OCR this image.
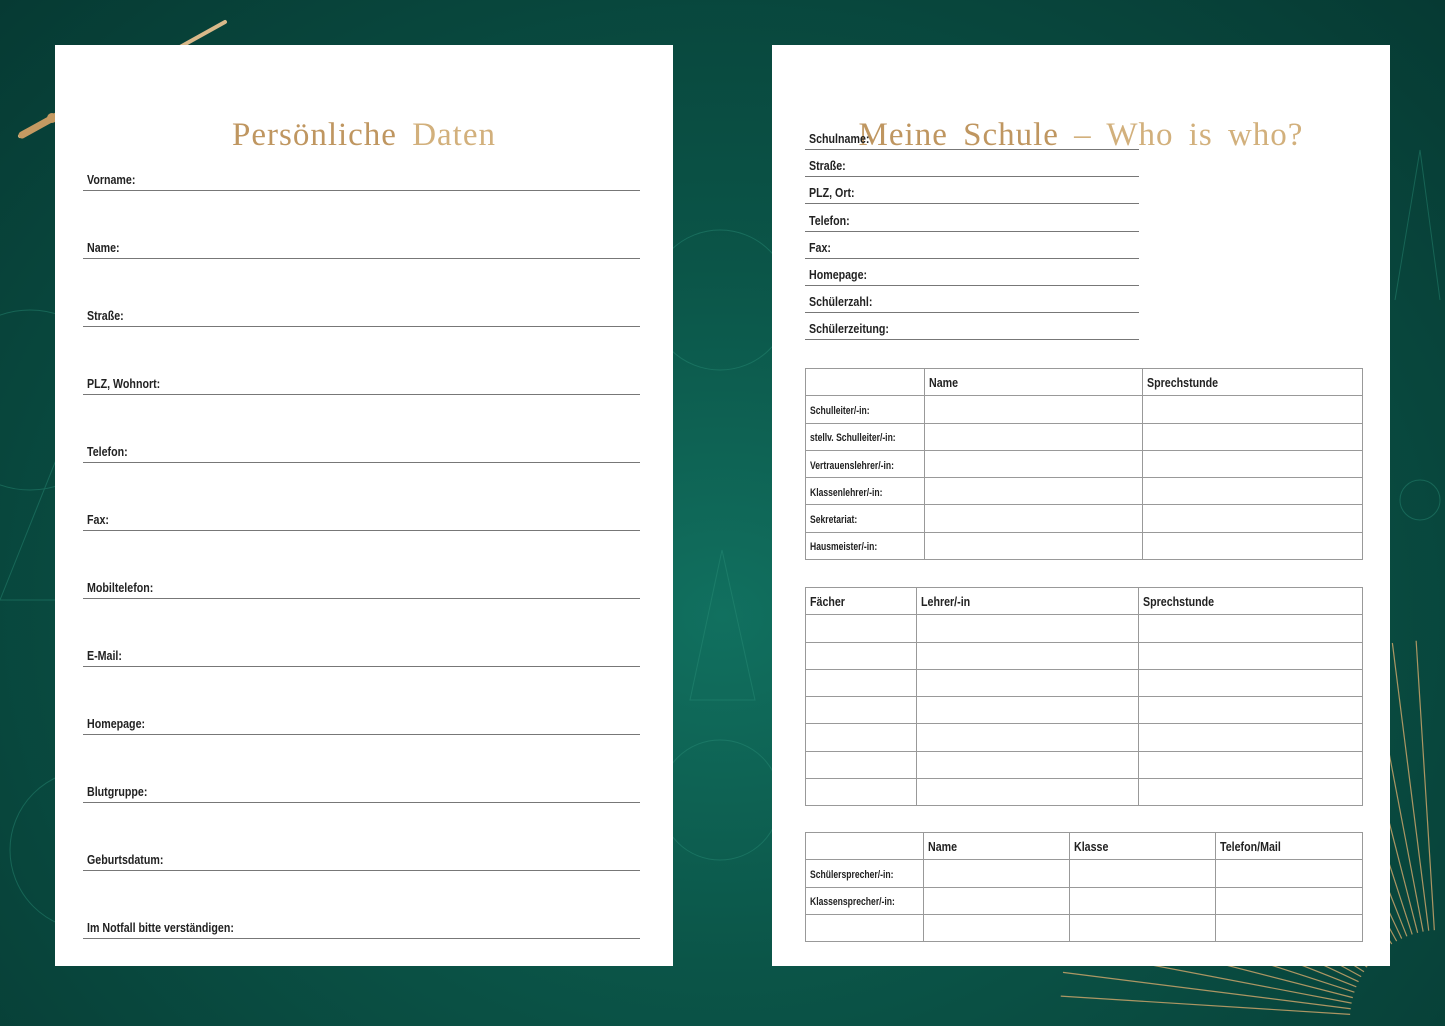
Persönliche Daten
Vorname:
Name:
Straße:
PLZ, Wohnort:
Telefon:
Fax:
Mobiltelefon:
E-Mail:
Homepage:
Blutgruppe:
Geburtsdatum:
Im Notfall bitte verständigen:
Meine Schule – Who is who?
Schulname:
Straße:
PLZ, Ort:
Telefon:
Fax:
Homepage:
Schülerzahl:
Schülerzeitung:
	Name	Sprechstunde
Schulleiter/-in:		
stellv. Schulleiter/-in:		
Vertrauenslehrer/-in:		
Klassenlehrer/-in:		
Sekretariat:		
Hausmeister/-in:		
Fächer	Lehrer/-in	Sprechstunde

	Name	Klasse	Telefon/Mail
Schülersprecher/-in:			
Klassensprecher/-in:			
